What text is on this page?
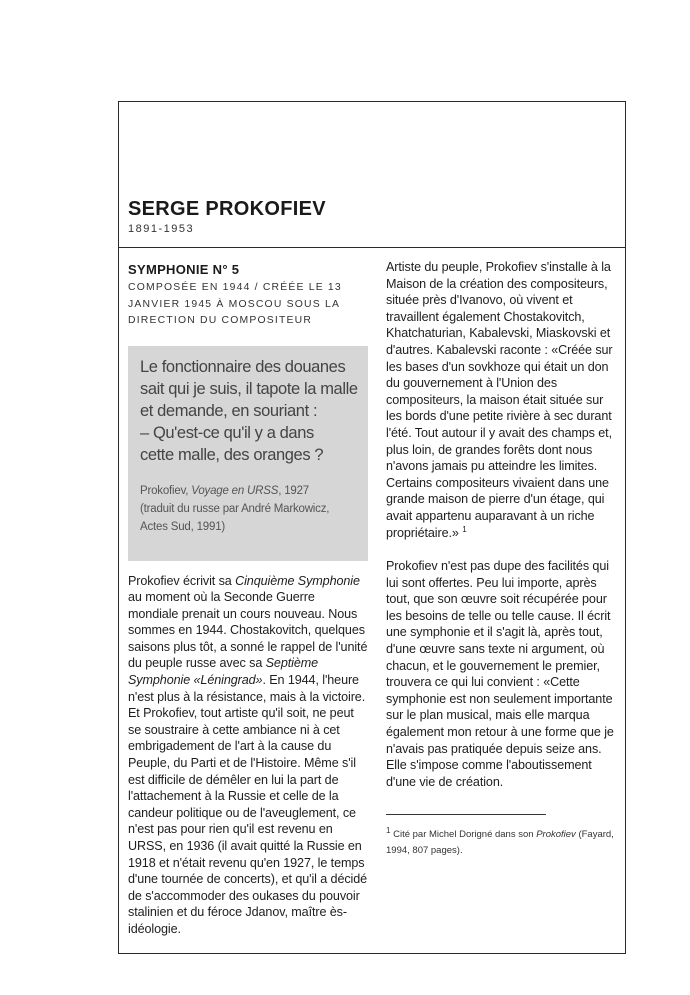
SERGE PROKOFIEV
1891-1953
SYMPHONIE N° 5
COMPOSÉE EN 1944 / CRÉÉE LE 13
JANVIER 1945 À MOSCOU SOUS LA
DIRECTION DU COMPOSITEUR
Le fonctionnaire des douanes
sait qui je suis, il tapote la malle
et demande, en souriant :
– Qu'est-ce qu'il y a dans
cette malle, des oranges ?
Prokofiev, Voyage en URSS, 1927
(traduit du russe par André Markowicz,
Actes Sud, 1991)

Prokofiev écrivit sa Cinquième Symphonie au moment où la Seconde Guerre mondiale prenait un cours nouveau. Nous sommes en 1944. Chostakovitch, quelques saisons plus tôt, a sonné le rappel de l'unité du peuple russe avec sa Septième Symphonie «Léningrad». En 1944, l'heure n'est plus à la résistance, mais à la victoire. Et Prokofiev, tout artiste qu'il soit, ne peut se soustraire à cette ambiance ni à cet embrigadement de l'art à la cause du Peuple, du Parti et de l'Histoire. Même s'il est difficile de démêler en lui la part de l'attachement à la Russie et celle de la candeur politique ou de l'aveuglement, ce n'est pas pour rien qu'il est revenu en URSS, en 1936 (il avait quitté la Russie en 1918 et n'était revenu qu'en 1927, le temps d'une tournée de concerts), et qu'il a décidé de s'accommoder des oukases du pouvoir stalinien et du féroce Jdanov, maître ès-idéologie.

Artiste du peuple, Prokofiev s'installe à la Maison de la création des compositeurs, située près d'Ivanovo, où vivent et travaillent également Chostakovitch, Khatchaturian, Kabalevski, Miaskovski et d'autres. Kabalevski raconte : «Créée sur les bases d'un sovkhoze qui était un don du gouvernement à l'Union des compositeurs, la maison était située sur les bords d'une petite rivière à sec durant l'été. Tout autour il y avait des champs et, plus loin, de grandes forêts dont nous n'avons jamais pu atteindre les limites. Certains compositeurs vivaient dans une grande maison de pierre d'un étage, qui avait appartenu auparavant à un riche propriétaire.» $^1$

Prokofiev n'est pas dupe des facilités qui lui sont offertes. Peu lui importe, après tout, que son œuvre soit récupérée pour les besoins de telle ou telle cause. Il écrit une symphonie et il s'agit là, après tout, d'une œuvre sans texte ni argument, où chacun, et le gouvernement le premier, trouvera ce qui lui convient : «Cette symphonie est non seulement importante sur le plan musical, mais elle marqua également mon retour à une forme que je n'avais pas pratiquée depuis seize ans. Elle s'impose comme l'aboutissement d'une vie de création.

$^1$ Cité par Michel Dorigné dans son Prokofiev (Fayard, 1994, 807 pages).
